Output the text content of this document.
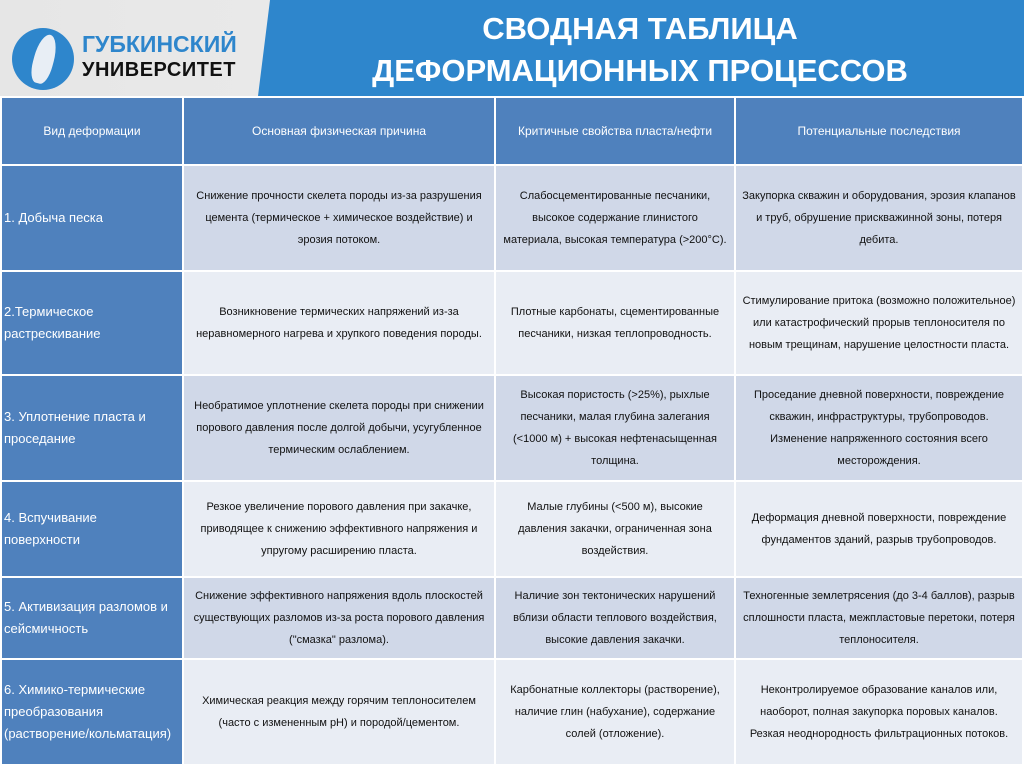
ГУБКИНСКИЙ
УНИВЕРСИТЕТ
СВОДНАЯ ТАБЛИЦА
ДЕФОРМАЦИОННЫХ ПРОЦЕССОВ
Вид деформации	Основная физическая причина	Критичные свойства пласта/нефти	Потенциальные последствия
1. Добыча песка	Снижение прочности скелета породы из-за разрушения цемента (термическое + химическое воздействие) и эрозия потоком.	Слабосцементированные песчаники, высокое содержание глинистого материала, высокая температура (>200°C).	Закупорка скважин и оборудования, эрозия клапанов и труб, обрушение прискважинной зоны, потеря дебита.
2.Термическое растрескивание	Возникновение термических напряжений из-за неравномерного нагрева и хрупкого поведения породы.	Плотные карбонаты, сцементированные песчаники, низкая теплопроводность.	Стимулирование притока (возможно положительное) или катастрофический прорыв теплоносителя по новым трещинам, нарушение целостности пласта.
3. Уплотнение пласта и проседание	Необратимое уплотнение скелета породы при снижении порового давления после долгой добычи, усугубленное термическим ослаблением.	Высокая пористость (>25%), рыхлые песчаники, малая глубина залегания (<1000 м) + высокая нефтенасыщенная толщина.	Проседание дневной поверхности, повреждение скважин, инфраструктуры, трубопроводов. Изменение напряженного состояния всего месторождения.
4. Вспучивание поверхности	Резкое увеличение порового давления при закачке, приводящее к снижению эффективного напряжения и упругому расширению пласта.	Малые глубины (<500 м), высокие давления закачки, ограниченная зона воздействия.	Деформация дневной поверхности, повреждение фундаментов зданий, разрыв трубопроводов.
5. Активизация разломов и сейсмичность	Снижение эффективного напряжения вдоль плоскостей существующих разломов из-за роста порового давления ("смазка" разлома).	Наличие зон тектонических нарушений вблизи области теплового воздействия, высокие давления закачки.	Техногенные землетрясения (до 3-4 баллов), разрыв сплошности пласта, межпластовые перетоки, потеря теплоносителя.
6. Химико-термические преобразования (растворение/кольматация)	Химическая реакция между горячим теплоносителем (часто с измененным pH) и породой/цементом.	Карбонатные коллекторы (растворение), наличие глин (набухание), содержание солей (отложение).	Неконтролируемое образование каналов или, наоборот, полная закупорка поровых каналов. Резкая неоднородность фильтрационных потоков.
